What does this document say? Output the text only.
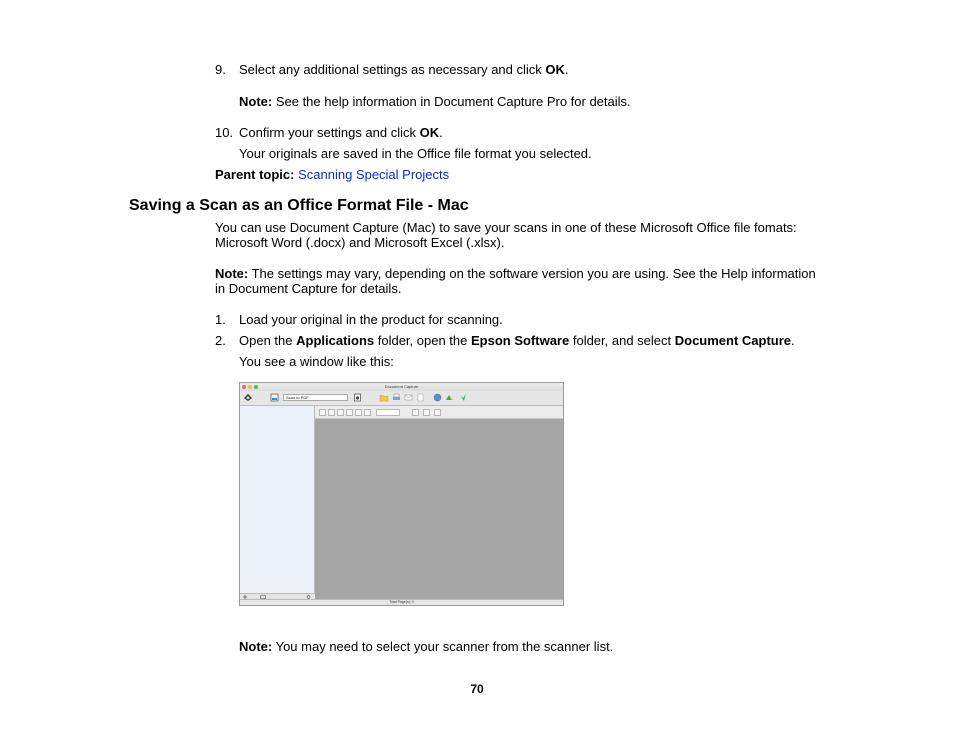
9. Select any additional settings as necessary and click OK.
Note: See the help information in Document Capture Pro for details.
10. Confirm your settings and click OK.
Your originals are saved in the Office file format you selected.
Parent topic: Scanning Special Projects
Saving a Scan as an Office Format File - Mac
You can use Document Capture (Mac) to save your scans in one of these Microsoft Office file fomats:
Microsoft Word (.docx) and Microsoft Excel (.xlsx).
Note: The settings may vary, depending on the software version you are using. See the Help information
in Document Capture for details.
1. Load your original in the product for scanning.
2. Open the Applications folder, open the Epson Software folder, and select Document Capture.
You see a window like this:
Document Capture
Scan to PDF
Total Page(s): 0
Note: You may need to select your scanner from the scanner list.
70
